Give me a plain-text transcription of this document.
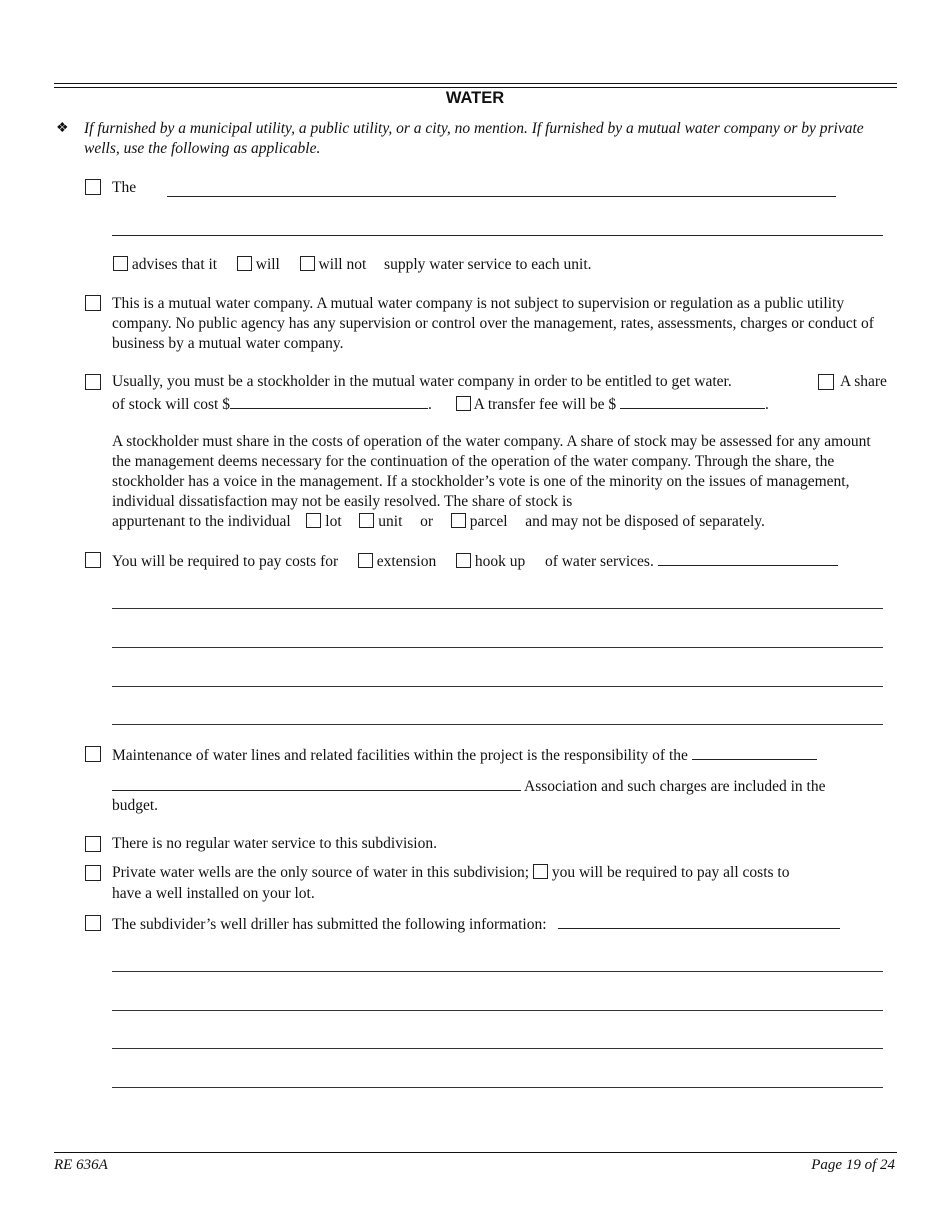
WATER
❖ If furnished by a municipal utility, a public utility, or a city, no mention. If furnished by a mutual water company or by private wells, use the following as applicable.
The
advises that it will will not supply water service to each unit.
This is a mutual water company. A mutual water company is not subject to supervision or regulation as a public utility company. No public agency has any supervision or control over the management, rates, assessments, charges or conduct of business by a mutual water company.
Usually, you must be a stockholder in the mutual water company in order to be entitled to get water.	A share
of stock will cost $	.	A transfer fee will be $	.
A stockholder must share in the costs of operation of the water company. A share of stock may be assessed for any amount the management deems necessary for the continuation of the operation of the water company. Through the share, the stockholder has a voice in the management. If a stockholder’s vote is one of the minority on the issues of management, individual dissatisfaction may not be easily resolved. The share of stock is
appurtenant to the individual lot unit or parcel and may not be disposed of separately.
You will be required to pay costs for extension hook up of water services.
Maintenance of water lines and related facilities within the project is the responsibility of the
Association and such charges are included in the
budget.
There is no regular water service to this subdivision.
Private water wells are the only source of water in this subdivision; you will be required to pay all costs to
have a well installed on your lot.
The subdivider’s well driller has submitted the following information:
RE 636A	Page 19 of 24
